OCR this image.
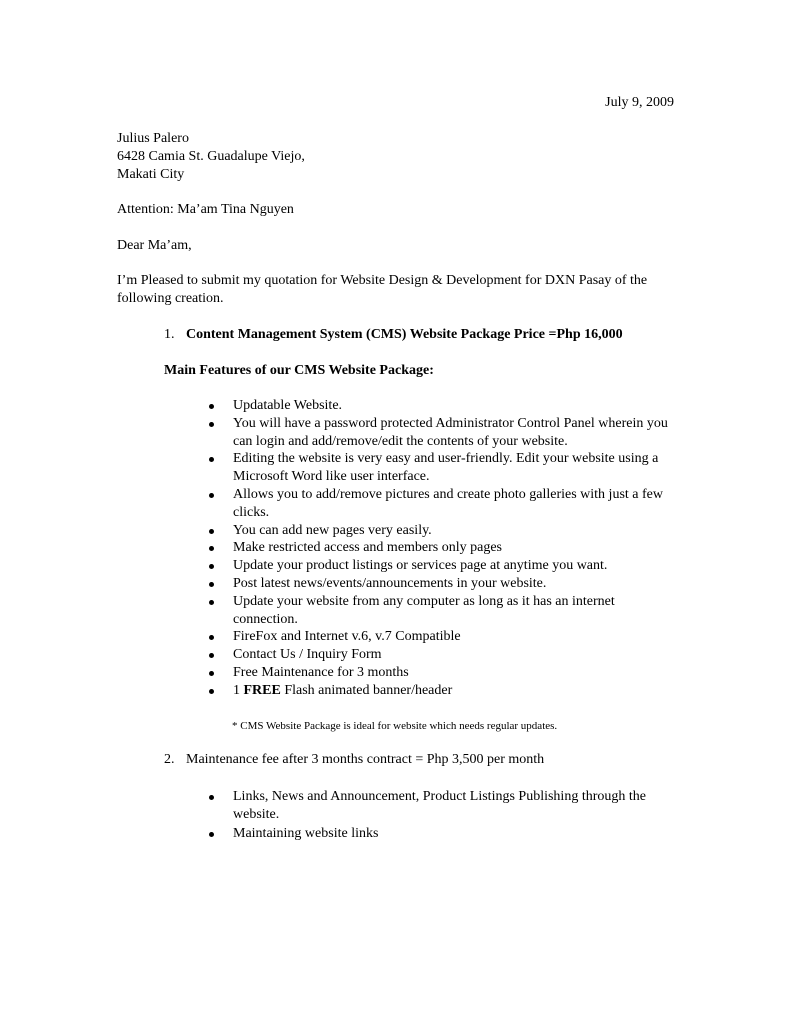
July 9, 2009
Julius Palero
6428 Camia St. Guadalupe Viejo,
Makati City
Attention: Ma’am Tina Nguyen
Dear Ma’am,
I’m Pleased to submit my quotation for Website Design & Development for DXN Pasay of the following creation.
1. Content Management System (CMS) Website Package Price =Php 16,000
Main Features of our CMS Website Package:
Updatable Website.
You will have a password protected Administrator Control Panel wherein you can login and add/remove/edit the contents of your website.
Editing the website is very easy and user-friendly. Edit your website using a Microsoft Word like user interface.
Allows you to add/remove pictures and create photo galleries with just a few clicks.
You can add new pages very easily.
Make restricted access and members only pages
Update your product listings or services page at anytime you want.
Post latest news/events/announcements in your website.
Update your website from any computer as long as it has an internet connection.
FireFox and Internet v.6, v.7 Compatible
Contact Us / Inquiry Form
Free Maintenance for 3 months
1 FREE Flash animated banner/header
* CMS Website Package is ideal for website which needs regular updates.
2. Maintenance fee after 3 months contract = Php 3,500 per month
Links, News and Announcement, Product Listings Publishing through the website.
Maintaining website links
